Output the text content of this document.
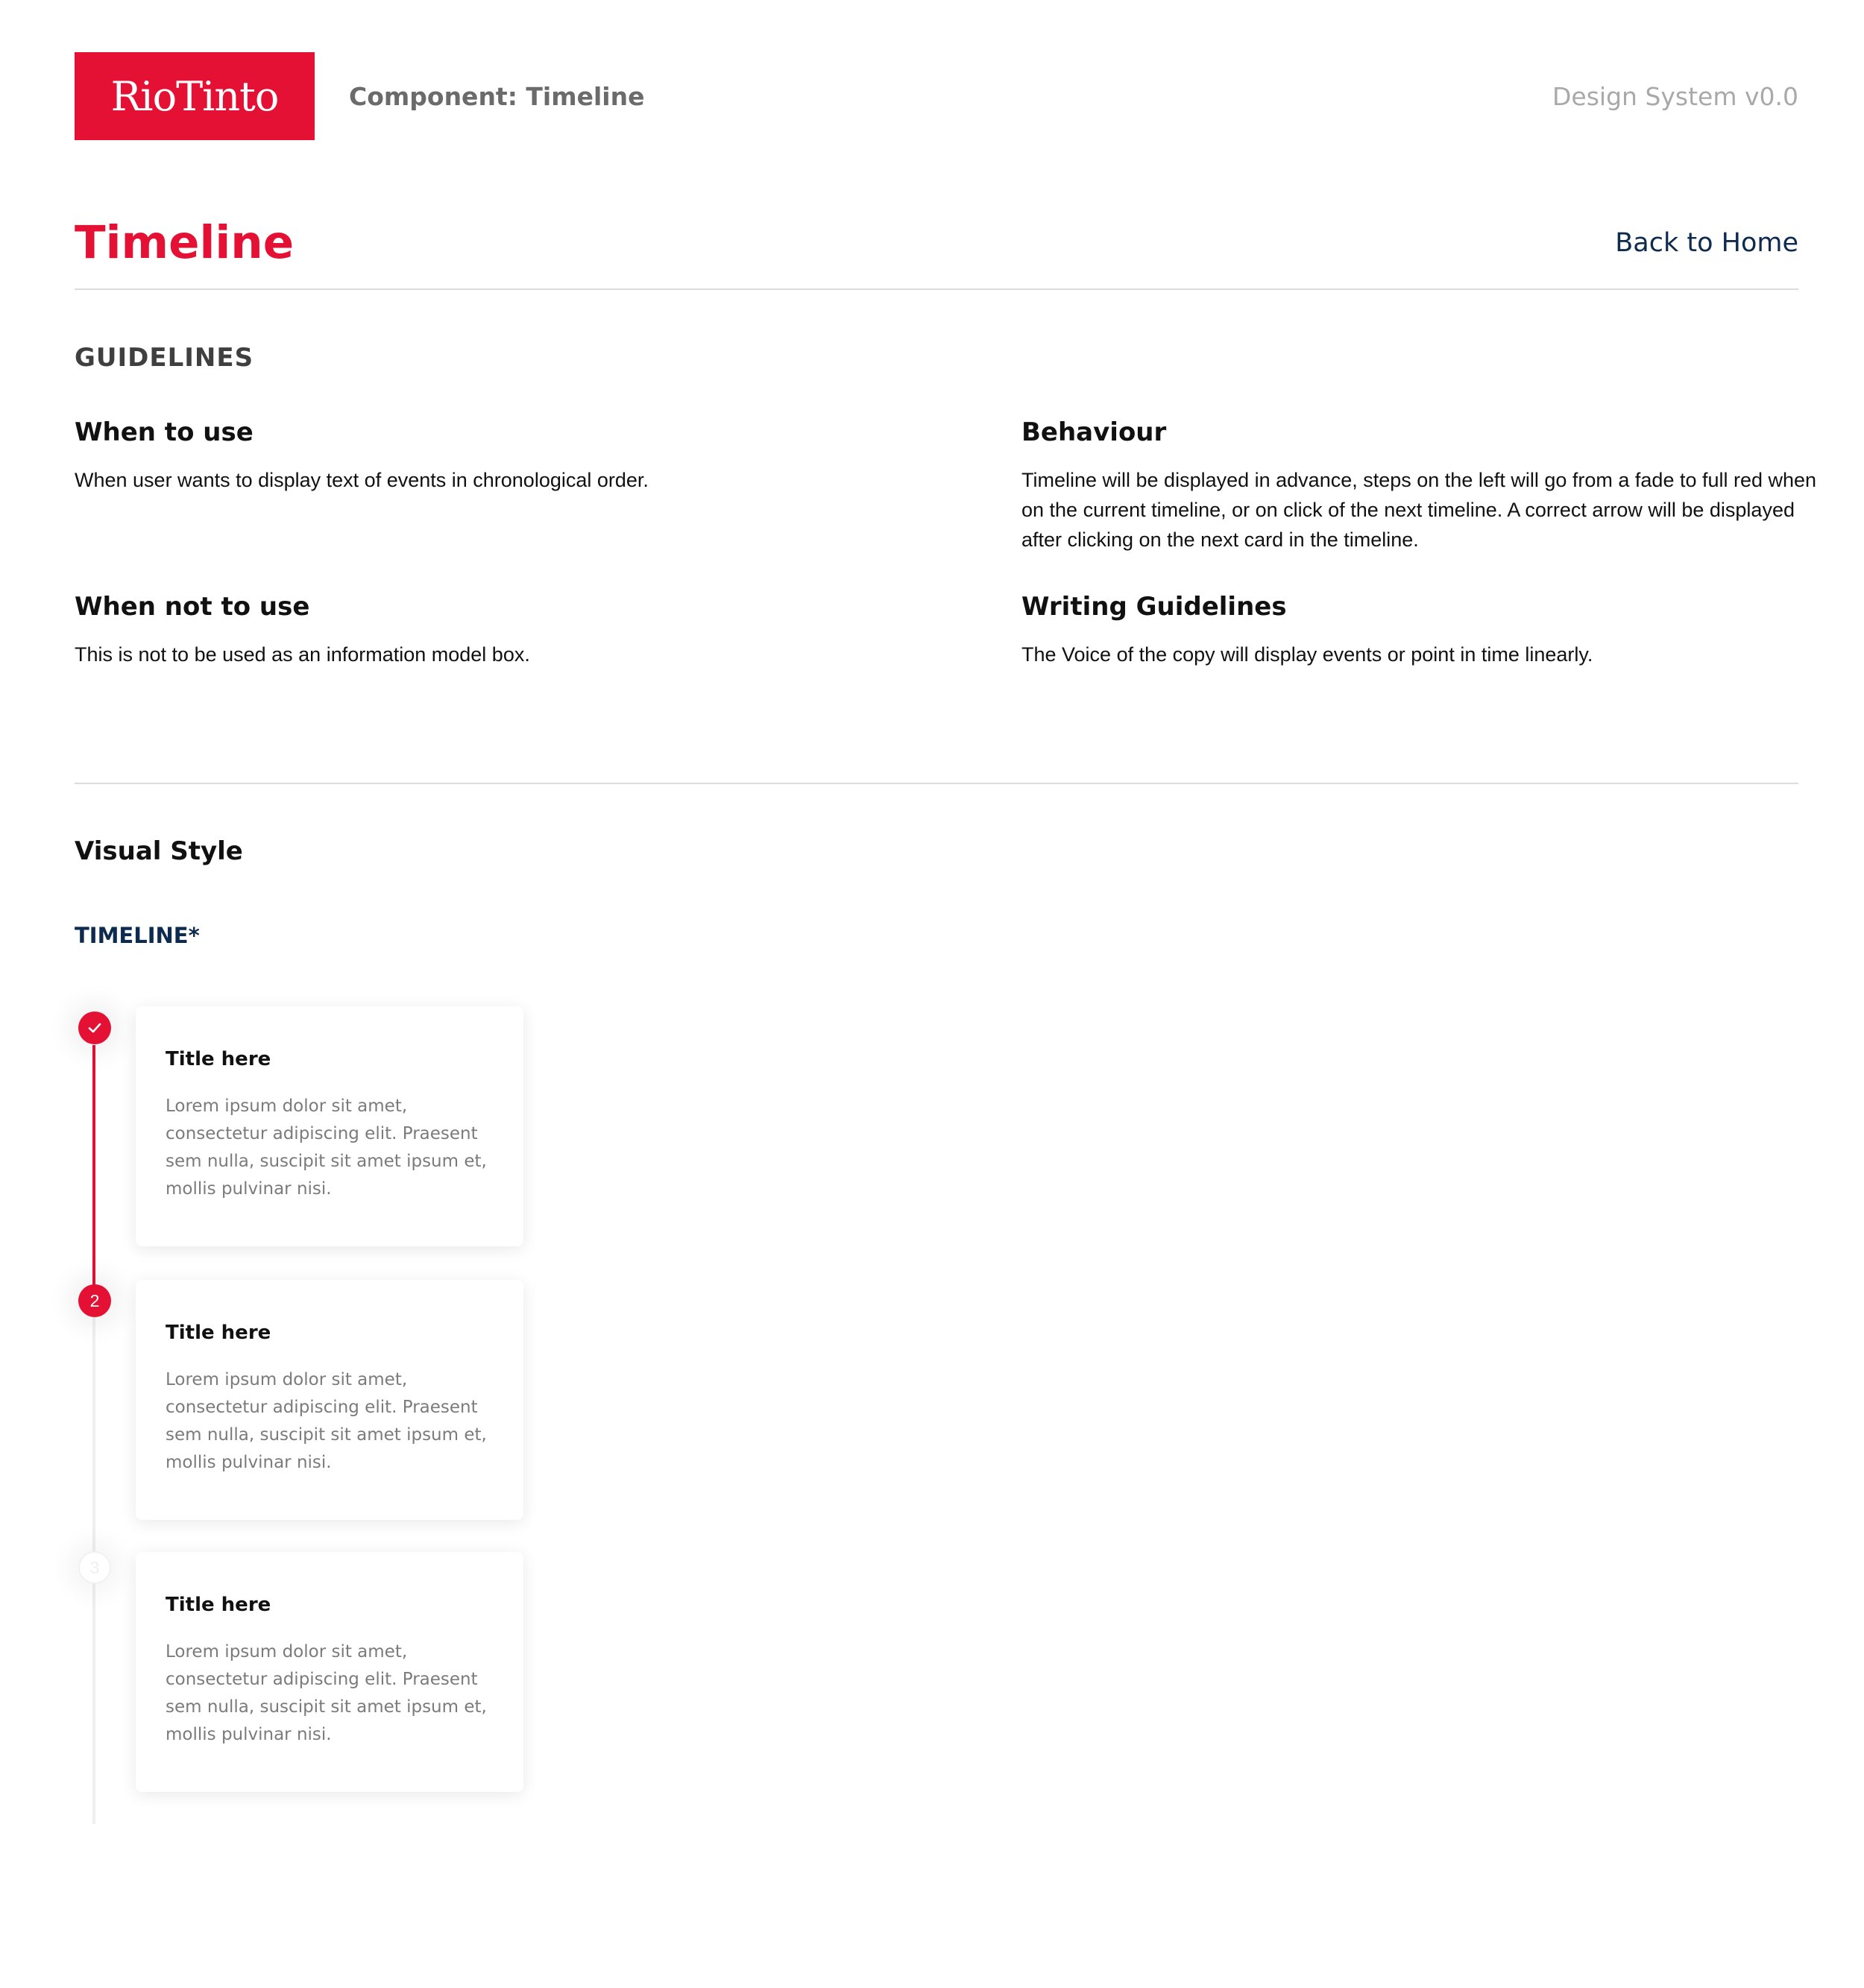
RioTinto	Component: Timeline	Design System v0.0
Timeline	Back to Home
GUIDELINES
When to use

When user wants to display text of events in chronological order.

Behaviour

Timeline will be displayed in advance, steps on the left will go from a fade to full red when on the current timeline, or on click of the next timeline. A correct arrow will be displayed after clicking on the next card in the timeline.

When not to use

This is not to be used as an information model box.

Writing Guidelines

The Voice of the copy will display events or point in time linearly.

Visual Style
TIMELINE*
2
3
Title here
Lorem ipsum dolor sit amet, consectetur adipiscing elit. Praesent sem nulla, suscipit sit amet ipsum et, mollis pulvinar nisi.
Title here
Lorem ipsum dolor sit amet, consectetur adipiscing elit. Praesent sem nulla, suscipit sit amet ipsum et, mollis pulvinar nisi.
Title here
Lorem ipsum dolor sit amet, consectetur adipiscing elit. Praesent sem nulla, suscipit sit amet ipsum et, mollis pulvinar nisi.
